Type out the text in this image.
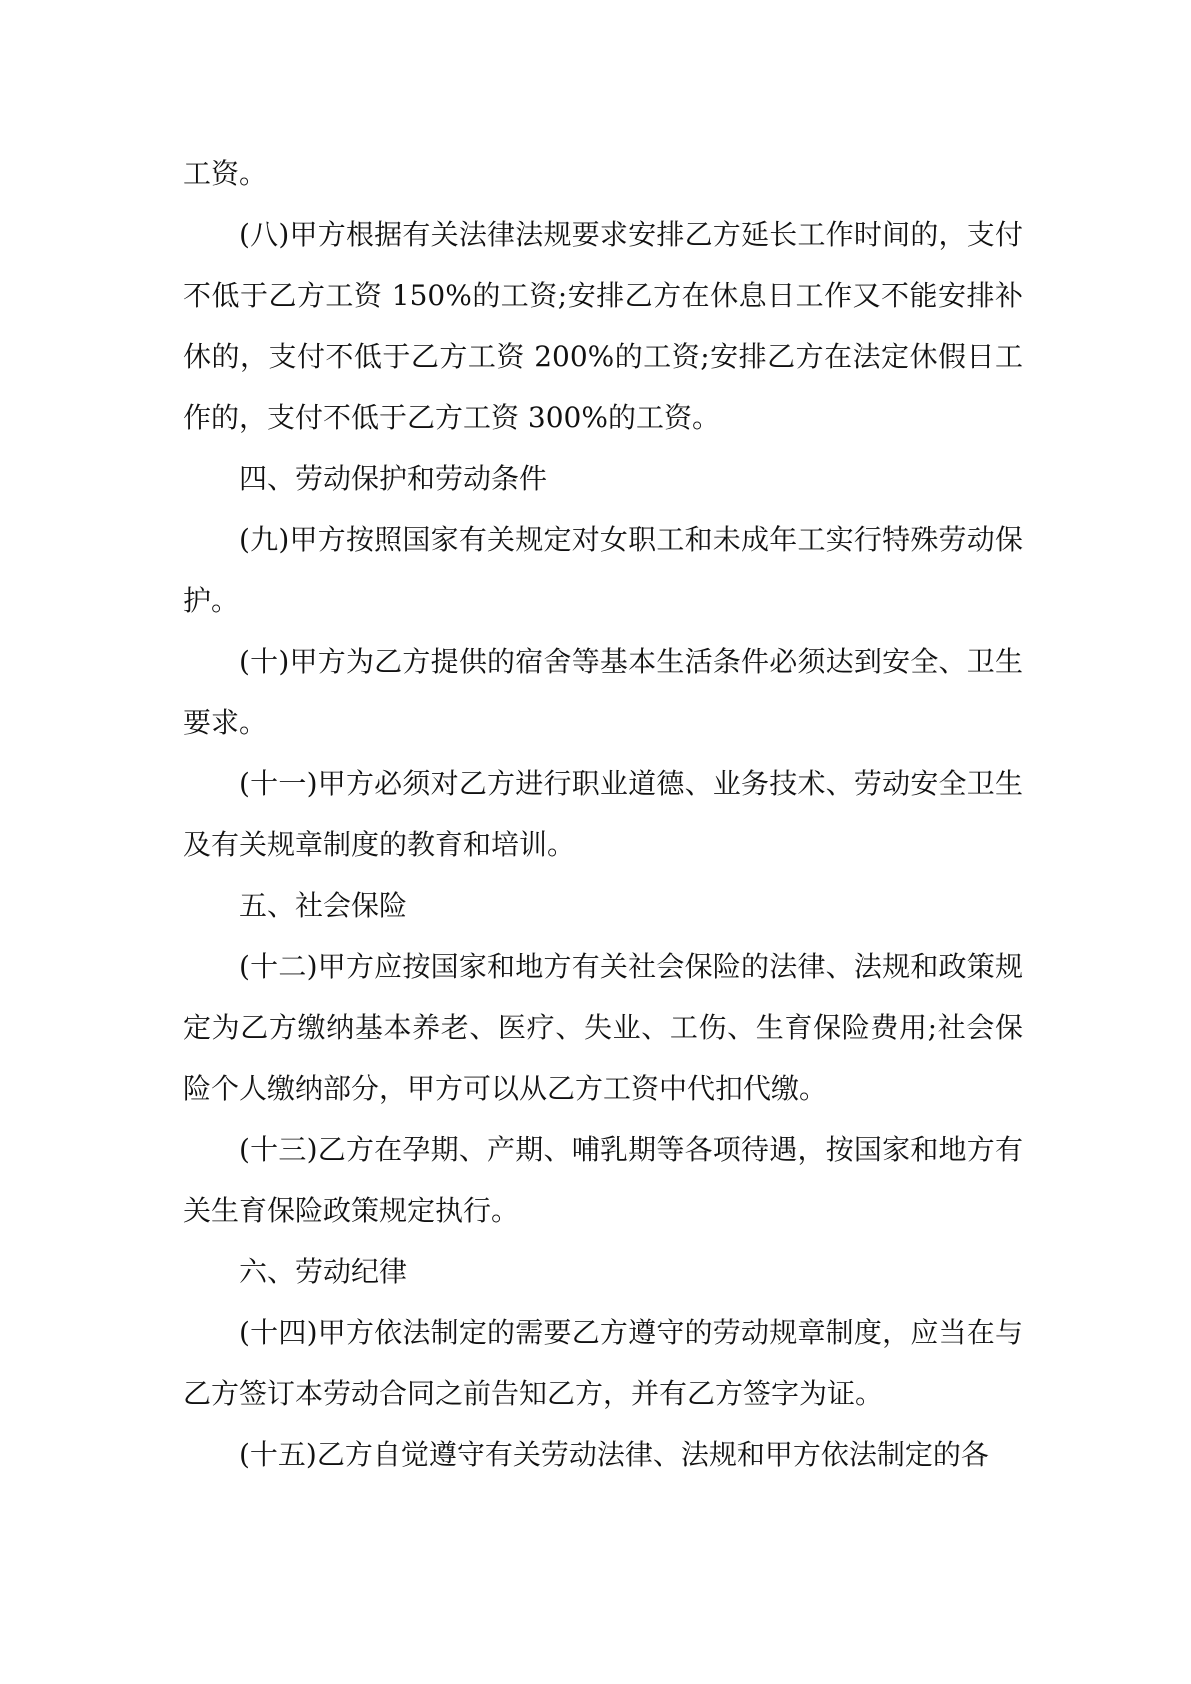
工资。

(八)甲方根据有关法律法规要求安排乙方延长工作时间的，支付不低于乙方工资 150%的工资;安排乙方在休息日工作又不能安排补休的，支付不低于乙方工资 200%的工资;安排乙方在法定休假日工作的，支付不低于乙方工资 300%的工资。

四、劳动保护和劳动条件

(九)甲方按照国家有关规定对女职工和未成年工实行特殊劳动保护。

(十)甲方为乙方提供的宿舍等基本生活条件必须达到安全、卫生要求。

(十一)甲方必须对乙方进行职业道德、业务技术、劳动安全卫生及有关规章制度的教育和培训。

五、社会保险

(十二)甲方应按国家和地方有关社会保险的法律、法规和政策规定为乙方缴纳基本养老、医疗、失业、工伤、生育保险费用;社会保险个人缴纳部分，甲方可以从乙方工资中代扣代缴。

(十三)乙方在孕期、产期、哺乳期等各项待遇，按国家和地方有关生育保险政策规定执行。

六、劳动纪律

(十四)甲方依法制定的需要乙方遵守的劳动规章制度，应当在与乙方签订本劳动合同之前告知乙方，并有乙方签字为证。

(十五)乙方自觉遵守有关劳动法律、法规和甲方依法制定的各
